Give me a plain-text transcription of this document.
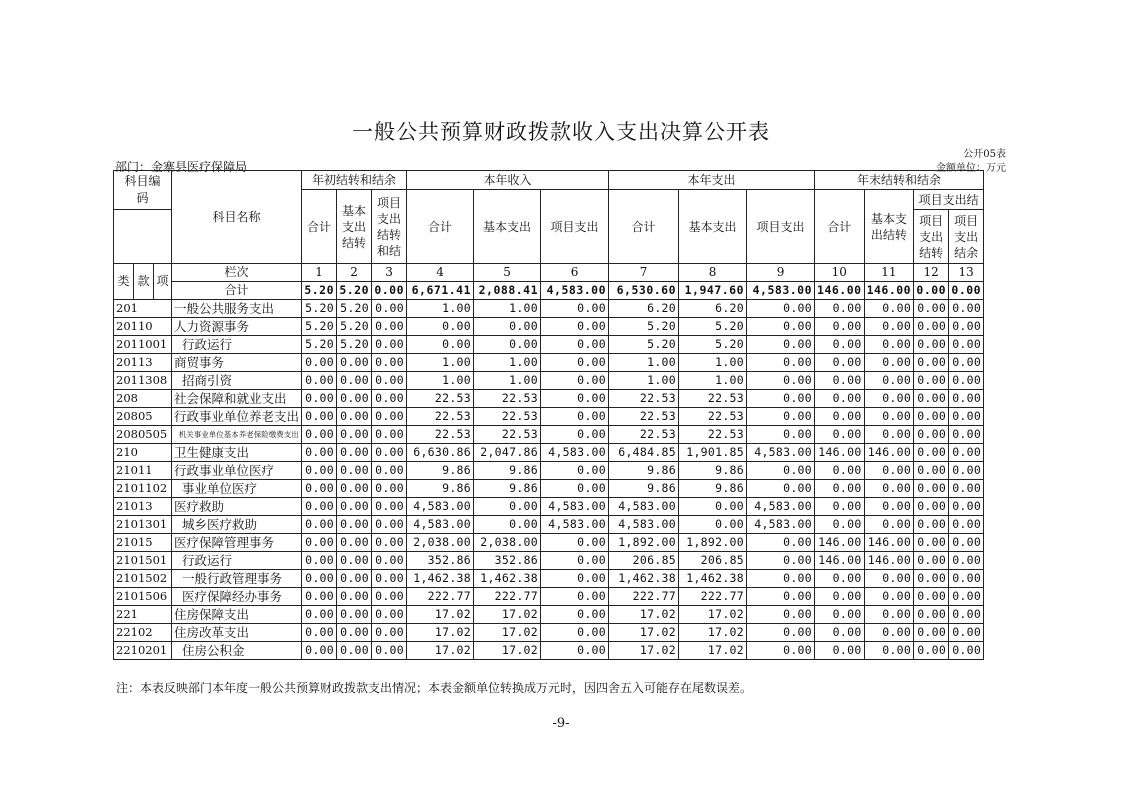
一般公共预算财政拨款收入支出决算公开表
公开05表
部门：金寨县医疗保障局	金额单位：万元
科目编码			科目名称	年初结转和结余			本年收入			本年支出			年末结转和结余			
				合计	基本支出结转	项目支出结转和结	合计	基本支出	项目支出	合计	基本支出	项目支出	合计	基本支出结转	项目支出结	
															项目支出结转	项目支出结余
类	款	项	栏次	1	2	3	4	5	6	7	8	9	10	11	12	13
			合计	5.20	5.20	0.00	6,671.41	2,088.41	4,583.00	6,530.60	1,947.60	4,583.00	146.00	146.00	0.00	0.00
201			一般公共服务支出	5.20	5.20	0.00	1.00	1.00	0.00	6.20	6.20	0.00	0.00	0.00	0.00	0.00
20110			人力资源事务	5.20	5.20	0.00	0.00	0.00	0.00	5.20	5.20	0.00	0.00	0.00	0.00	0.00
2011001			行政运行	5.20	5.20	0.00	0.00	0.00	0.00	5.20	5.20	0.00	0.00	0.00	0.00	0.00
20113			商贸事务	0.00	0.00	0.00	1.00	1.00	0.00	1.00	1.00	0.00	0.00	0.00	0.00	0.00
2011308			招商引资	0.00	0.00	0.00	1.00	1.00	0.00	1.00	1.00	0.00	0.00	0.00	0.00	0.00
208			社会保障和就业支出	0.00	0.00	0.00	22.53	22.53	0.00	22.53	22.53	0.00	0.00	0.00	0.00	0.00
20805			行政事业单位养老支出	0.00	0.00	0.00	22.53	22.53	0.00	22.53	22.53	0.00	0.00	0.00	0.00	0.00
2080505			机关事业单位基本养老保险缴费支出	0.00	0.00	0.00	22.53	22.53	0.00	22.53	22.53	0.00	0.00	0.00	0.00	0.00
210			卫生健康支出	0.00	0.00	0.00	6,630.86	2,047.86	4,583.00	6,484.85	1,901.85	4,583.00	146.00	146.00	0.00	0.00
21011			行政事业单位医疗	0.00	0.00	0.00	9.86	9.86	0.00	9.86	9.86	0.00	0.00	0.00	0.00	0.00
2101102			事业单位医疗	0.00	0.00	0.00	9.86	9.86	0.00	9.86	9.86	0.00	0.00	0.00	0.00	0.00
21013			医疗救助	0.00	0.00	0.00	4,583.00	0.00	4,583.00	4,583.00	0.00	4,583.00	0.00	0.00	0.00	0.00
2101301			城乡医疗救助	0.00	0.00	0.00	4,583.00	0.00	4,583.00	4,583.00	0.00	4,583.00	0.00	0.00	0.00	0.00
21015			医疗保障管理事务	0.00	0.00	0.00	2,038.00	2,038.00	0.00	1,892.00	1,892.00	0.00	146.00	146.00	0.00	0.00
2101501			行政运行	0.00	0.00	0.00	352.86	352.86	0.00	206.85	206.85	0.00	146.00	146.00	0.00	0.00
2101502			一般行政管理事务	0.00	0.00	0.00	1,462.38	1,462.38	0.00	1,462.38	1,462.38	0.00	0.00	0.00	0.00	0.00
2101506			医疗保障经办事务	0.00	0.00	0.00	222.77	222.77	0.00	222.77	222.77	0.00	0.00	0.00	0.00	0.00
221			住房保障支出	0.00	0.00	0.00	17.02	17.02	0.00	17.02	17.02	0.00	0.00	0.00	0.00	0.00
22102			住房改革支出	0.00	0.00	0.00	17.02	17.02	0.00	17.02	17.02	0.00	0.00	0.00	0.00	0.00
2210201			住房公积金	0.00	0.00	0.00	17.02	17.02	0.00	17.02	17.02	0.00	0.00	0.00	0.00	0.00
注：本表反映部门本年度一般公共预算财政拨款支出情况；本表金额单位转换成万元时，因四舍五入可能存在尾数误差。
-9-
